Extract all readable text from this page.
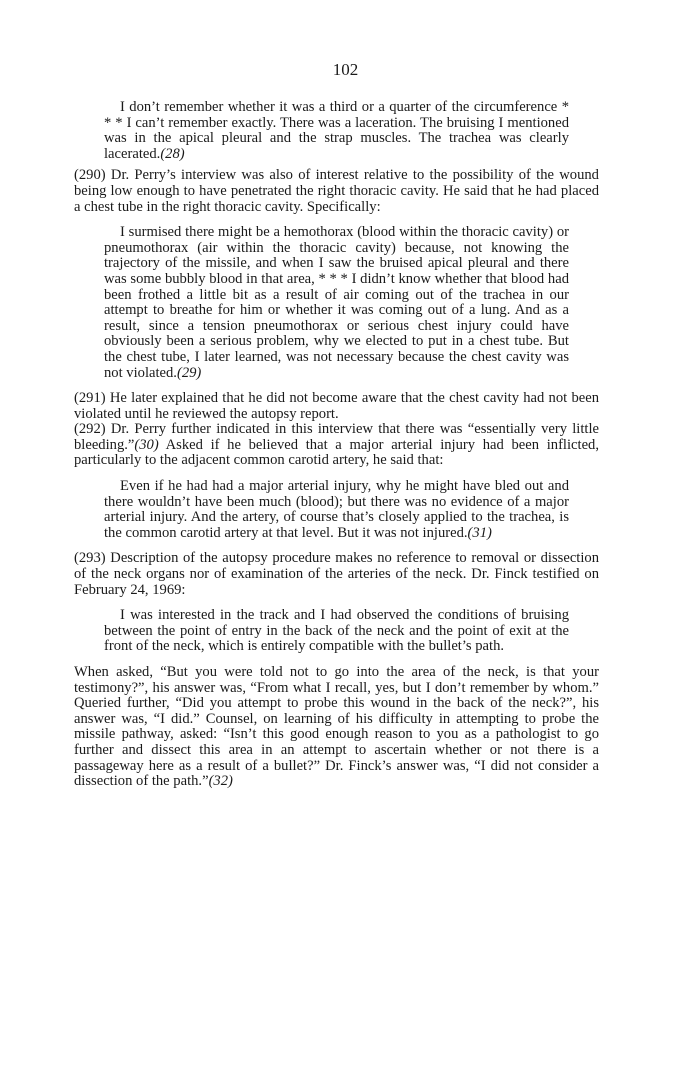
102

I don’t remember whether it was a third or a quarter of the circumference * * * I can’t remember exactly. There was a laceration. The bruising I mentioned was in the apical pleural and the strap muscles. The trachea was clearly lacerated.(28)

(290) Dr. Perry’s interview was also of interest relative to the possibility of the wound being low enough to have penetrated the right thoracic cavity. He said that he had placed a chest tube in the right thoracic cavity. Specifically:

I surmised there might be a hemothorax (blood within the thoracic cavity) or pneumothorax (air within the thoracic cavity) because, not knowing the trajectory of the missile, and when I saw the bruised apical pleural and there was some bubbly blood in that area, * * * I didn’t know whether that blood had been frothed a little bit as a result of air coming out of the trachea in our attempt to breathe for him or whether it was coming out of a lung. And as a result, since a tension pneumothorax or serious chest injury could have obviously been a serious problem, why we elected to put in a chest tube. But the chest tube, I later learned, was not necessary because the chest cavity was not violated.(29)

(291) He later explained that he did not become aware that the chest cavity had not been violated until he reviewed the autopsy report.

(292) Dr. Perry further indicated in this interview that there was “essentially very little bleeding.”(30) Asked if he believed that a major arterial injury had been inflicted, particularly to the adjacent common carotid artery, he said that:

Even if he had had a major arterial injury, why he might have bled out and there wouldn’t have been much (blood); but there was no evidence of a major arterial injury. And the artery, of course that’s closely applied to the trachea, is the common carotid artery at that level. But it was not injured.(31)

(293) Description of the autopsy procedure makes no reference to removal or dissection of the neck organs nor of examination of the arteries of the neck. Dr. Finck testified on February 24, 1969:

I was interested in the track and I had observed the conditions of bruising between the point of entry in the back of the neck and the point of exit at the front of the neck, which is entirely compatible with the bullet’s path.

When asked, “But you were told not to go into the area of the neck, is that your testimony?”, his answer was, “From what I recall, yes, but I don’t remember by whom.” Queried further, “Did you attempt to probe this wound in the back of the neck?”, his answer was, “I did.” Counsel, on learning of his difficulty in attempting to probe the missile pathway, asked: “Isn’t this good enough reason to you as a pathologist to go further and dissect this area in an attempt to ascertain whether or not there is a passageway here as a result of a bullet?” Dr. Finck’s answer was, “I did not consider a dissection of the path.”(32)
